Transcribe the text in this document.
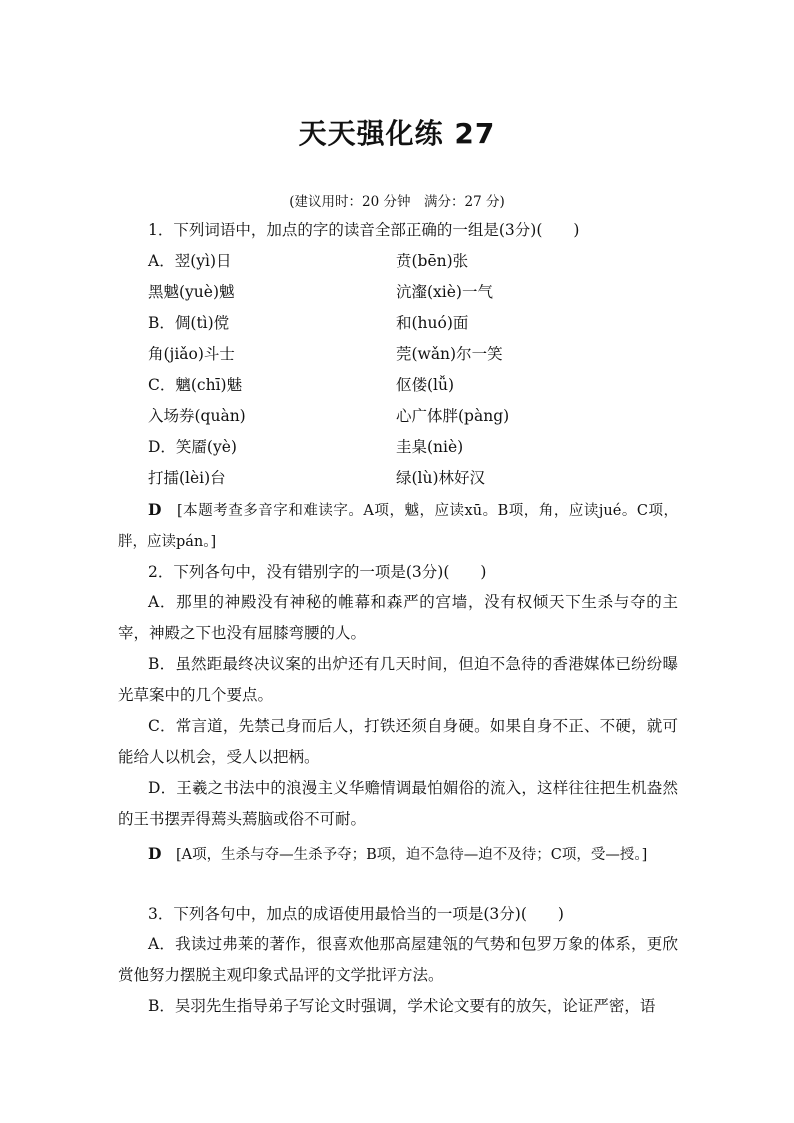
天天强化练 27
(建议用时：20 分钟　满分：27 分)
1．下列词语中，加点的字的读音全部正确的一组是(3分)(　　)
A．翌(yì)日	贲(bēn)张
黑魆(yuè)魆	沆瀣(xiè)一气
B．倜(tì)傥	和(huó)面
角(jiǎo)斗士	莞(wǎn)尔一笑
C．魑(chī)魅	伛偻(lǚ)
入场券(quàn)	心广体胖(pàng)
D．笑靥(yè)	圭臬(niè)
打擂(lèi)台	绿(lù)林好汉
D　 [本题考查多音字和难读字。A项，魆，应读xū。B项，角，应读jué。C项，胖，应读pán。]
2．下列各句中，没有错别字的一项是(3分)(　　)
A．那里的神殿没有神秘的帷幕和森严的宫墙，没有权倾天下生杀与夺的主宰，神殿之下也没有屈膝弯腰的人。
B．虽然距最终决议案的出炉还有几天时间，但迫不急待的香港媒体已纷纷曝光草案中的几个要点。
C．常言道，先禁己身而后人，打铁还须自身硬。如果自身不正、不硬，就可能给人以机会，受人以把柄。
D．王羲之书法中的浪漫主义华赡情调最怕媚俗的流入，这样往往把生机盎然的王书摆弄得蔫头蔫脑或俗不可耐。
D　 [A项，生杀与夺—生杀予夺；B项，迫不急待—迫不及待；C项，受—授。]
3．下列各句中，加点的成语使用最恰当的一项是(3分)(　　)
A．我读过弗莱的著作，很喜欢他那高屋建瓴的气势和包罗万象的体系，更欣赏他努力摆脱主观印象式品评的文学批评方法。
B．吴羽先生指导弟子写论文时强调，学术论文要有的放矢，论证严密，语
